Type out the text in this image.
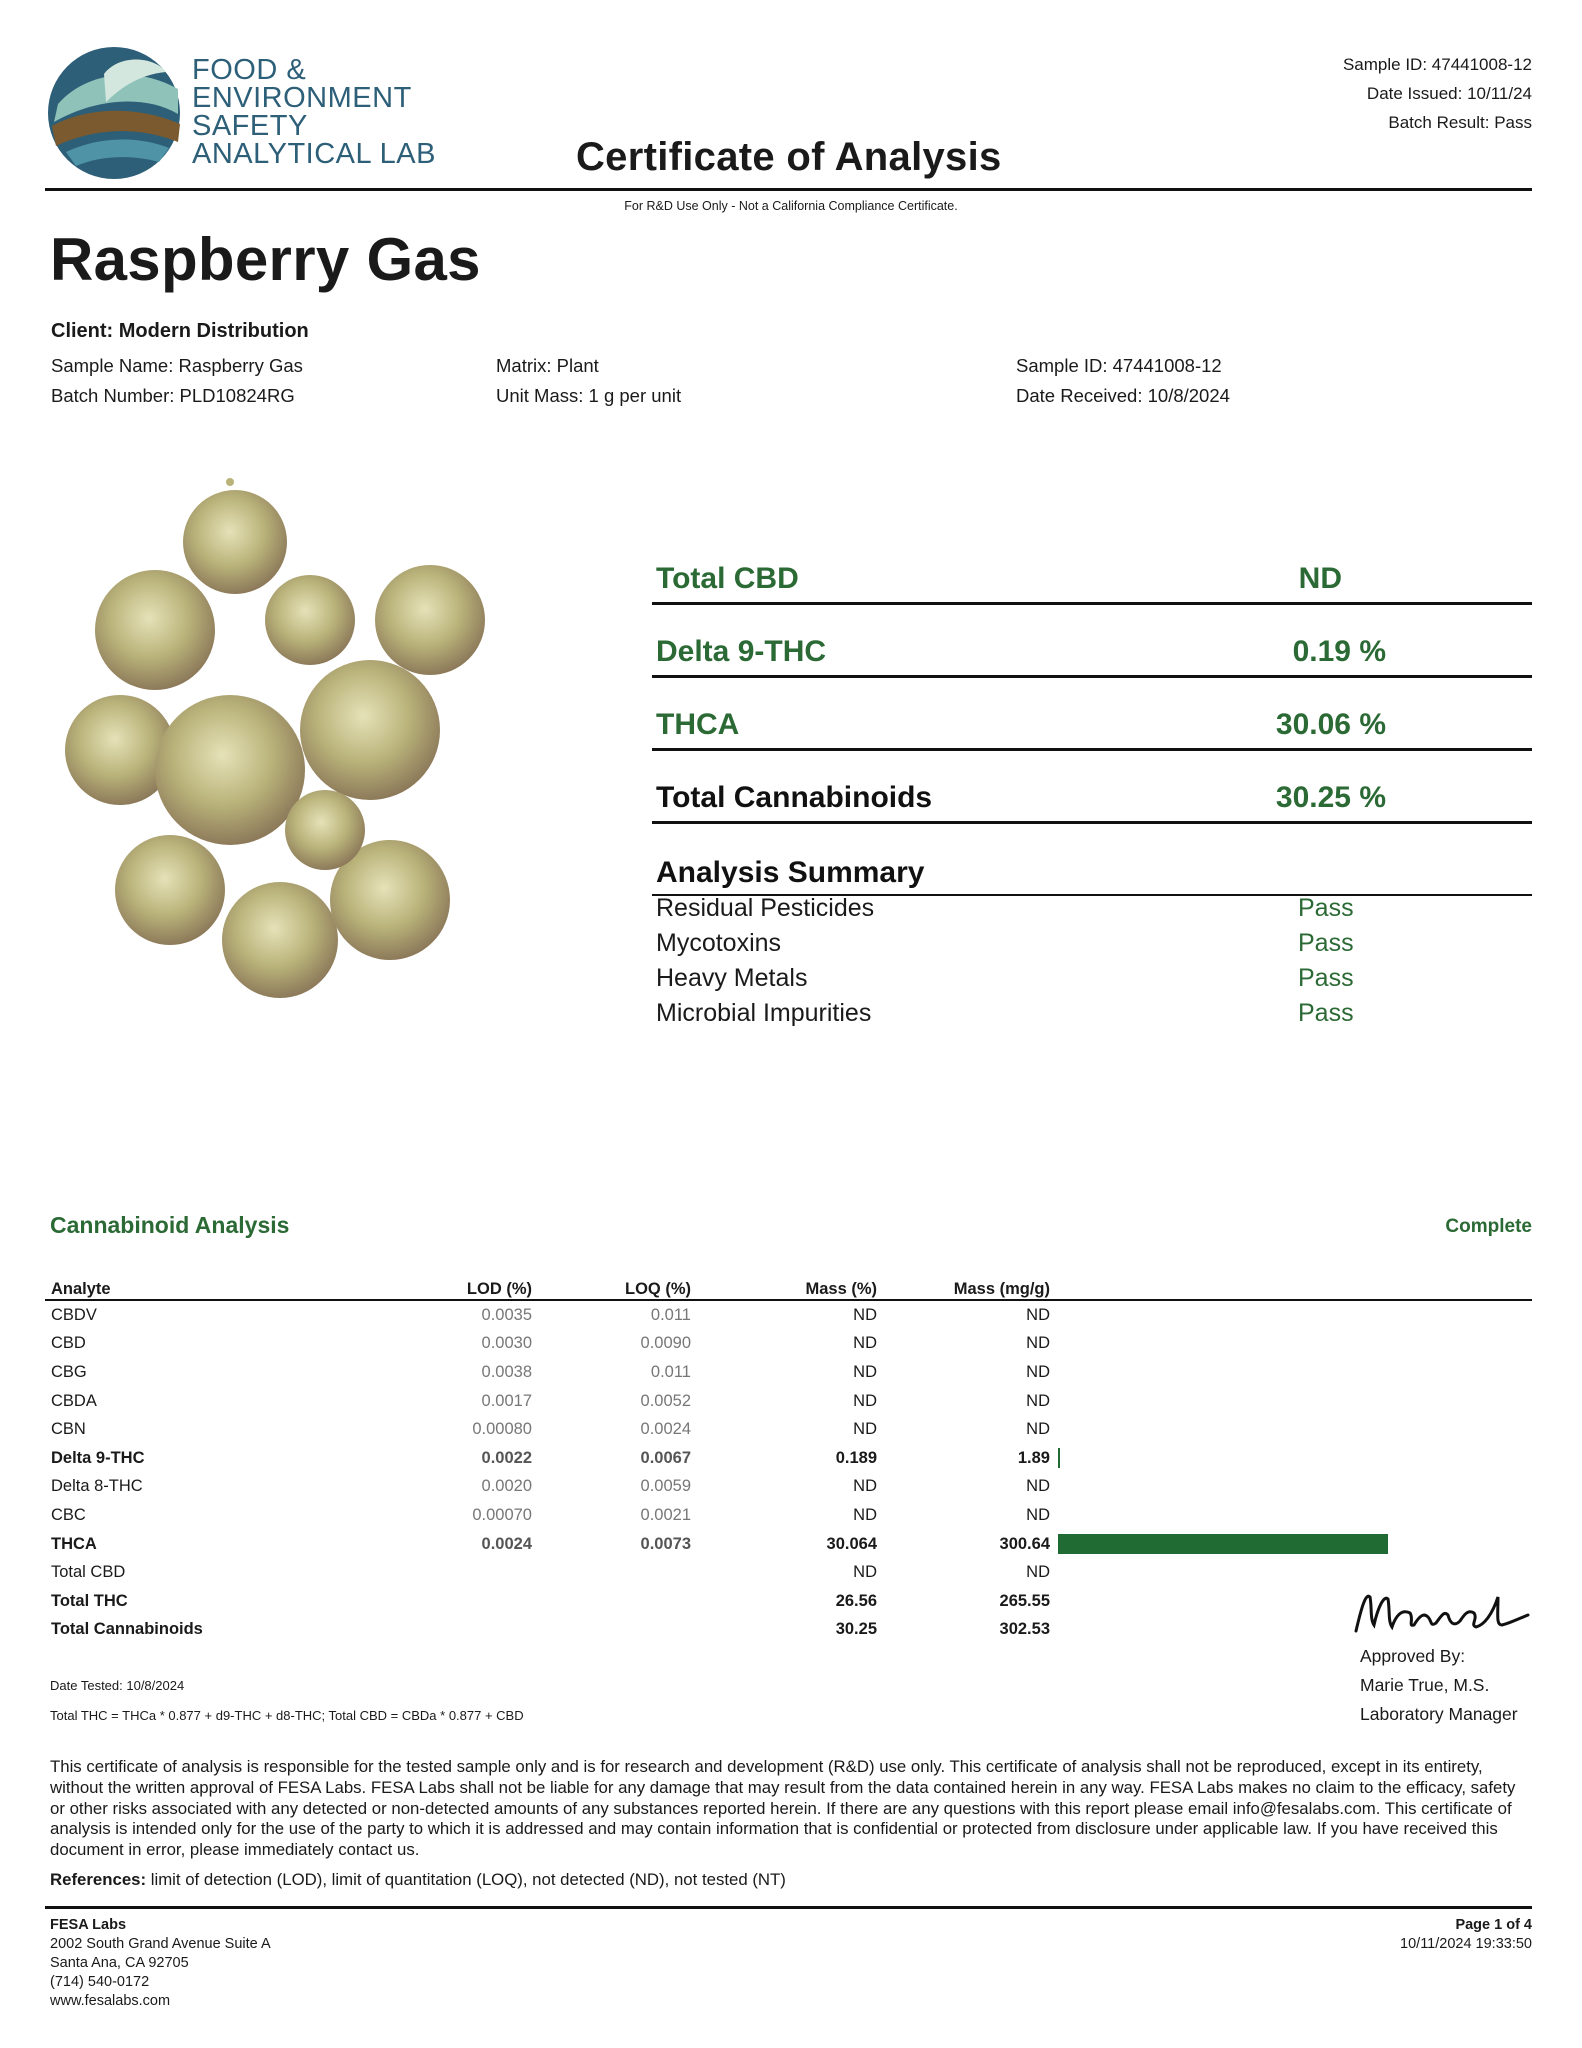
FOOD &
ENVIRONMENT
SAFETY
ANALYTICAL LAB
Sample ID: 47441008-12
Date Issued: 10/11/24
Batch Result: Pass
Certificate of Analysis
For R&D Use Only - Not a California Compliance Certificate.
Raspberry Gas
Client: Modern Distribution
Sample Name: Raspberry Gas
Batch Number: PLD10824RG
Matrix: Plant
Unit Mass: 1 g per unit
Sample ID: 47441008-12
Date Received: 10/8/2024
Total CBD	ND
Delta 9-THC	0.19 %
THCA	30.06 %
Total Cannabinoids	30.25 %
Analysis Summary
Residual Pesticides	Pass
Mycotoxins	Pass
Heavy Metals	Pass
Microbial Impurities	Pass
Cannabinoid Analysis	Complete
Analyte	LOD (%)	LOQ (%)	Mass (%)	Mass (mg/g)	
CBDV	0.0035	0.011	ND	ND	
CBD	0.0030	0.0090	ND	ND	
CBG	0.0038	0.011	ND	ND	
CBDA	0.0017	0.0052	ND	ND	
CBN	0.00080	0.0024	ND	ND	
Delta 9-THC	0.0022	0.0067	0.189	1.89	
Delta 8-THC	0.0020	0.0059	ND	ND	
CBC	0.00070	0.0021	ND	ND	
THCA	0.0024	0.0073	30.064	300.64	
Total CBD			ND	ND	
Total THC			26.56	265.55	
Total Cannabinoids			30.25	302.53	
Date Tested: 10/8/2024
Total THC = THCa * 0.877 + d9-THC + d8-THC; Total CBD = CBDa * 0.877 + CBD
Approved By:
Marie True, M.S.
Laboratory Manager
This certificate of analysis is responsible for the tested sample only and is for research and development (R&D) use only. This certificate of analysis shall not be reproduced, except in its entirety, without the written approval of FESA Labs. FESA Labs shall not be liable for any damage that may result from the data contained herein in any way. FESA Labs makes no claim to the efficacy, safety or other risks associated with any detected or non-detected amounts of any substances reported herein. If there are any questions with this report please email info@fesalabs.com. This certificate of analysis is intended only for the use of the party to which it is addressed and may contain information that is confidential or protected from disclosure under applicable law. If you have received this document in error, please immediately contact us.
References: limit of detection (LOD), limit of quantitation (LOQ), not detected (ND), not tested (NT)
FESA Labs
2002 South Grand Avenue Suite A
Santa Ana, CA 92705
(714) 540-0172
www.fesalabs.com
Page 1 of 4
10/11/2024 19:33:50
